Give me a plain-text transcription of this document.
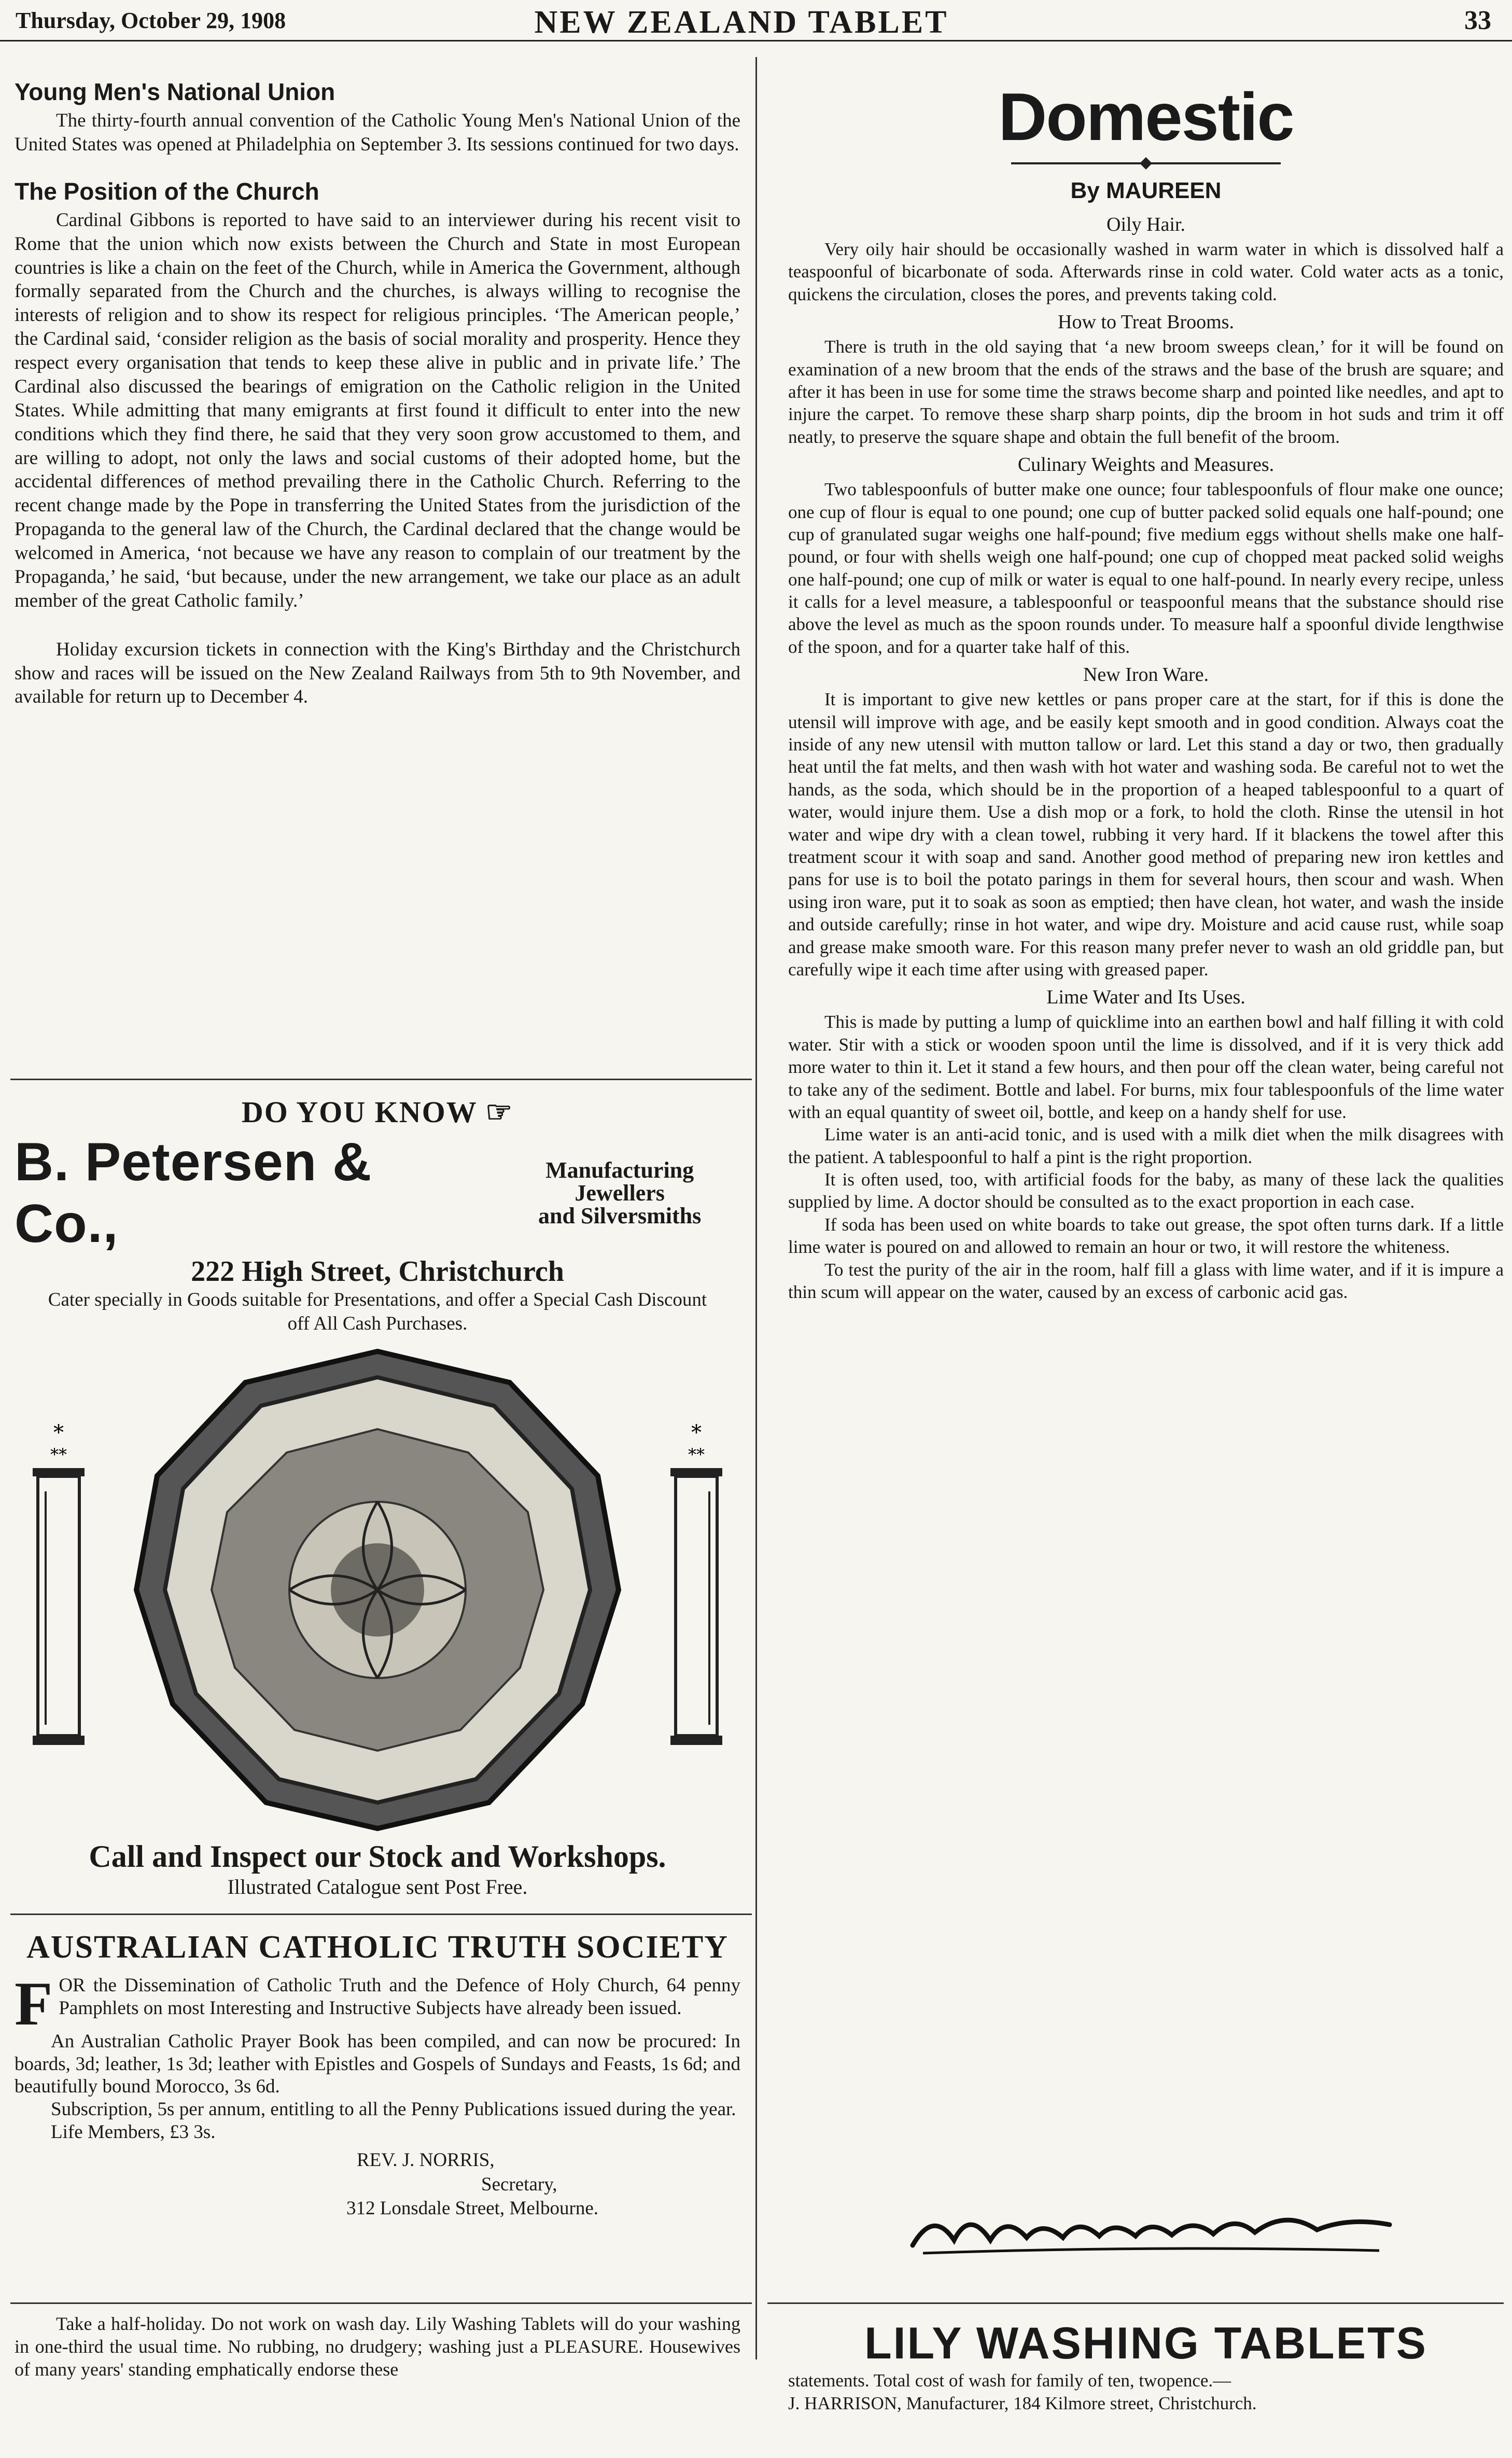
Thursday, October 29, 1908	NEW ZEALAND TABLET	33
Young Men's National Union

The thirty-fourth annual convention of the Catholic Young Men's National Union of the United States was opened at Philadelphia on September 3. Its sessions continued for two days.

The Position of the Church

Cardinal Gibbons is reported to have said to an interviewer during his recent visit to Rome that the union which now exists between the Church and State in most European countries is like a chain on the feet of the Church, while in America the Government, although formally separated from the Church and the churches, is always willing to recognise the interests of religion and to show its respect for religious principles. ‘The American people,’ the Cardinal said, ‘consider religion as the basis of social morality and prosperity. Hence they respect every organisation that tends to keep these alive in public and in private life.’ The Cardinal also discussed the bearings of emigration on the Catholic religion in the United States. While admitting that many emigrants at first found it difficult to enter into the new conditions which they find there, he said that they very soon grow accustomed to them, and are willing to adopt, not only the laws and social customs of their adopted home, but the accidental differences of method prevailing there in the Catholic Church. Referring to the recent change made by the Pope in transferring the United States from the jurisdiction of the Propaganda to the general law of the Church, the Cardinal declared that the change would be welcomed in America, ‘not because we have any reason to complain of our treatment by the Propaganda,’ he said, ‘but because, under the new arrangement, we take our place as an adult member of the great Catholic family.’

Holiday excursion tickets in connection with the King's Birthday and the Christchurch show and races will be issued on the New Zealand Railways from 5th to 9th November, and available for return up to December 4.

DO YOU KNOW ☞
B. Petersen & Co.,
Manufacturing Jewellers
and Silversmiths
222 High Street, Christchurch
Cater specially in Goods suitable for Presentations, and offer a Special Cash Discount off All Cash Purchases.
*
**
*
**
Call and Inspect our Stock and Workshops.
Illustrated Catalogue sent Post Free.
AUSTRALIAN CATHOLIC TRUTH SOCIETY
F OR the Dissemination of Catholic Truth and the Defence of Holy Church, 64 penny Pamphlets on most Interesting and Instructive Subjects have already been issued.

An Australian Catholic Prayer Book has been compiled, and can now be procured: In boards, 3d; leather, 1s 3d; leather with Epistles and Gospels of Sundays and Feasts, 1s 6d; and beautifully bound Morocco, 3s 6d.

Subscription, 5s per annum, entitling to all the Penny Publications issued during the year.

Life Members, £3 3s.

REV. J. NORRIS,
Secretary,
312 Lonsdale Street, Melbourne.

Take a half-holiday. Do not work on wash day. Lily Washing Tablets will do your washing in one-third the usual time. No rubbing, no drudgery; washing just a PLEASURE. Housewives of many years' standing emphatically endorse these

Domestic
By MAUREEN
Oily Hair.

Very oily hair should be occasionally washed in warm water in which is dissolved half a teaspoonful of bicarbonate of soda. Afterwards rinse in cold water. Cold water acts as a tonic, quickens the circulation, closes the pores, and prevents taking cold.

How to Treat Brooms.

There is truth in the old saying that ‘a new broom sweeps clean,’ for it will be found on examination of a new broom that the ends of the straws and the base of the brush are square; and after it has been in use for some time the straws become sharp and pointed like needles, and apt to injure the carpet. To remove these sharp sharp points, dip the broom in hot suds and trim it off neatly, to preserve the square shape and obtain the full benefit of the broom.

Culinary Weights and Measures.

Two tablespoonfuls of butter make one ounce; four tablespoonfuls of flour make one ounce; one cup of flour is equal to one pound; one cup of butter packed solid equals one half-pound; one cup of granulated sugar weighs one half-pound; five medium eggs without shells make one half-pound, or four with shells weigh one half-pound; one cup of chopped meat packed solid weighs one half-pound; one cup of milk or water is equal to one half-pound. In nearly every recipe, unless it calls for a level measure, a tablespoonful or teaspoonful means that the substance should rise above the level as much as the spoon rounds under. To measure half a spoonful divide lengthwise of the spoon, and for a quarter take half of this.

New Iron Ware.

It is important to give new kettles or pans proper care at the start, for if this is done the utensil will improve with age, and be easily kept smooth and in good condition. Always coat the inside of any new utensil with mutton tallow or lard. Let this stand a day or two, then gradually heat until the fat melts, and then wash with hot water and washing soda. Be careful not to wet the hands, as the soda, which should be in the proportion of a heaped tablespoonful to a quart of water, would injure them. Use a dish mop or a fork, to hold the cloth. Rinse the utensil in hot water and wipe dry with a clean towel, rubbing it very hard. If it blackens the towel after this treatment scour it with soap and sand. Another good method of preparing new iron kettles and pans for use is to boil the potato parings in them for several hours, then scour and wash. When using iron ware, put it to soak as soon as emptied; then have clean, hot water, and wash the inside and outside carefully; rinse in hot water, and wipe dry. Moisture and acid cause rust, while soap and grease make smooth ware. For this reason many prefer never to wash an old griddle pan, but carefully wipe it each time after using with greased paper.

Lime Water and Its Uses.

This is made by putting a lump of quicklime into an earthen bowl and half filling it with cold water. Stir with a stick or wooden spoon until the lime is dissolved, and if it is very thick add more water to thin it. Let it stand a few hours, and then pour off the clean water, being careful not to take any of the sediment. Bottle and label. For burns, mix four tablespoonfuls of the lime water with an equal quantity of sweet oil, bottle, and keep on a handy shelf for use.

Lime water is an anti-acid tonic, and is used with a milk diet when the milk disagrees with the patient. A tablespoonful to half a pint is the right proportion.

It is often used, too, with artificial foods for the baby, as many of these lack the qualities supplied by lime. A doctor should be consulted as to the exact proportion in each case.

If soda has been used on white boards to take out grease, the spot often turns dark. If a little lime water is poured on and allowed to remain an hour or two, it will restore the whiteness.

To test the purity of the air in the room, half fill a glass with lime water, and if it is impure a thin scum will appear on the water, caused by an excess of carbonic acid gas.

LILY WASHING TABLETS
statements. Total cost of wash for family of ten, twopence.—
J. HARRISON, Manufacturer, 184 Kilmore street, Christchurch.
